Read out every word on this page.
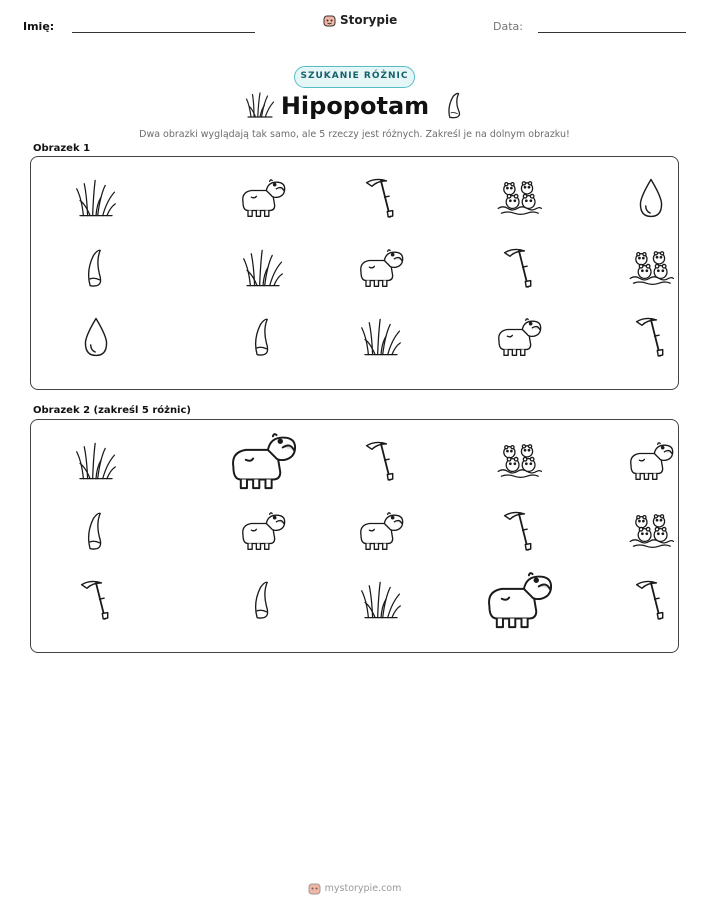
Imię:	Storypie	Data:
SZUKANIE RÓŻNIC
Hipopotam
Dwa obrazki wyglądają tak samo, ale 5 rzeczy jest różnych. Zakreśl je na dolnym obrazku!
Obrazek 1
Obrazek 2 (zakreśl 5 różnic)
mystorypie.com
